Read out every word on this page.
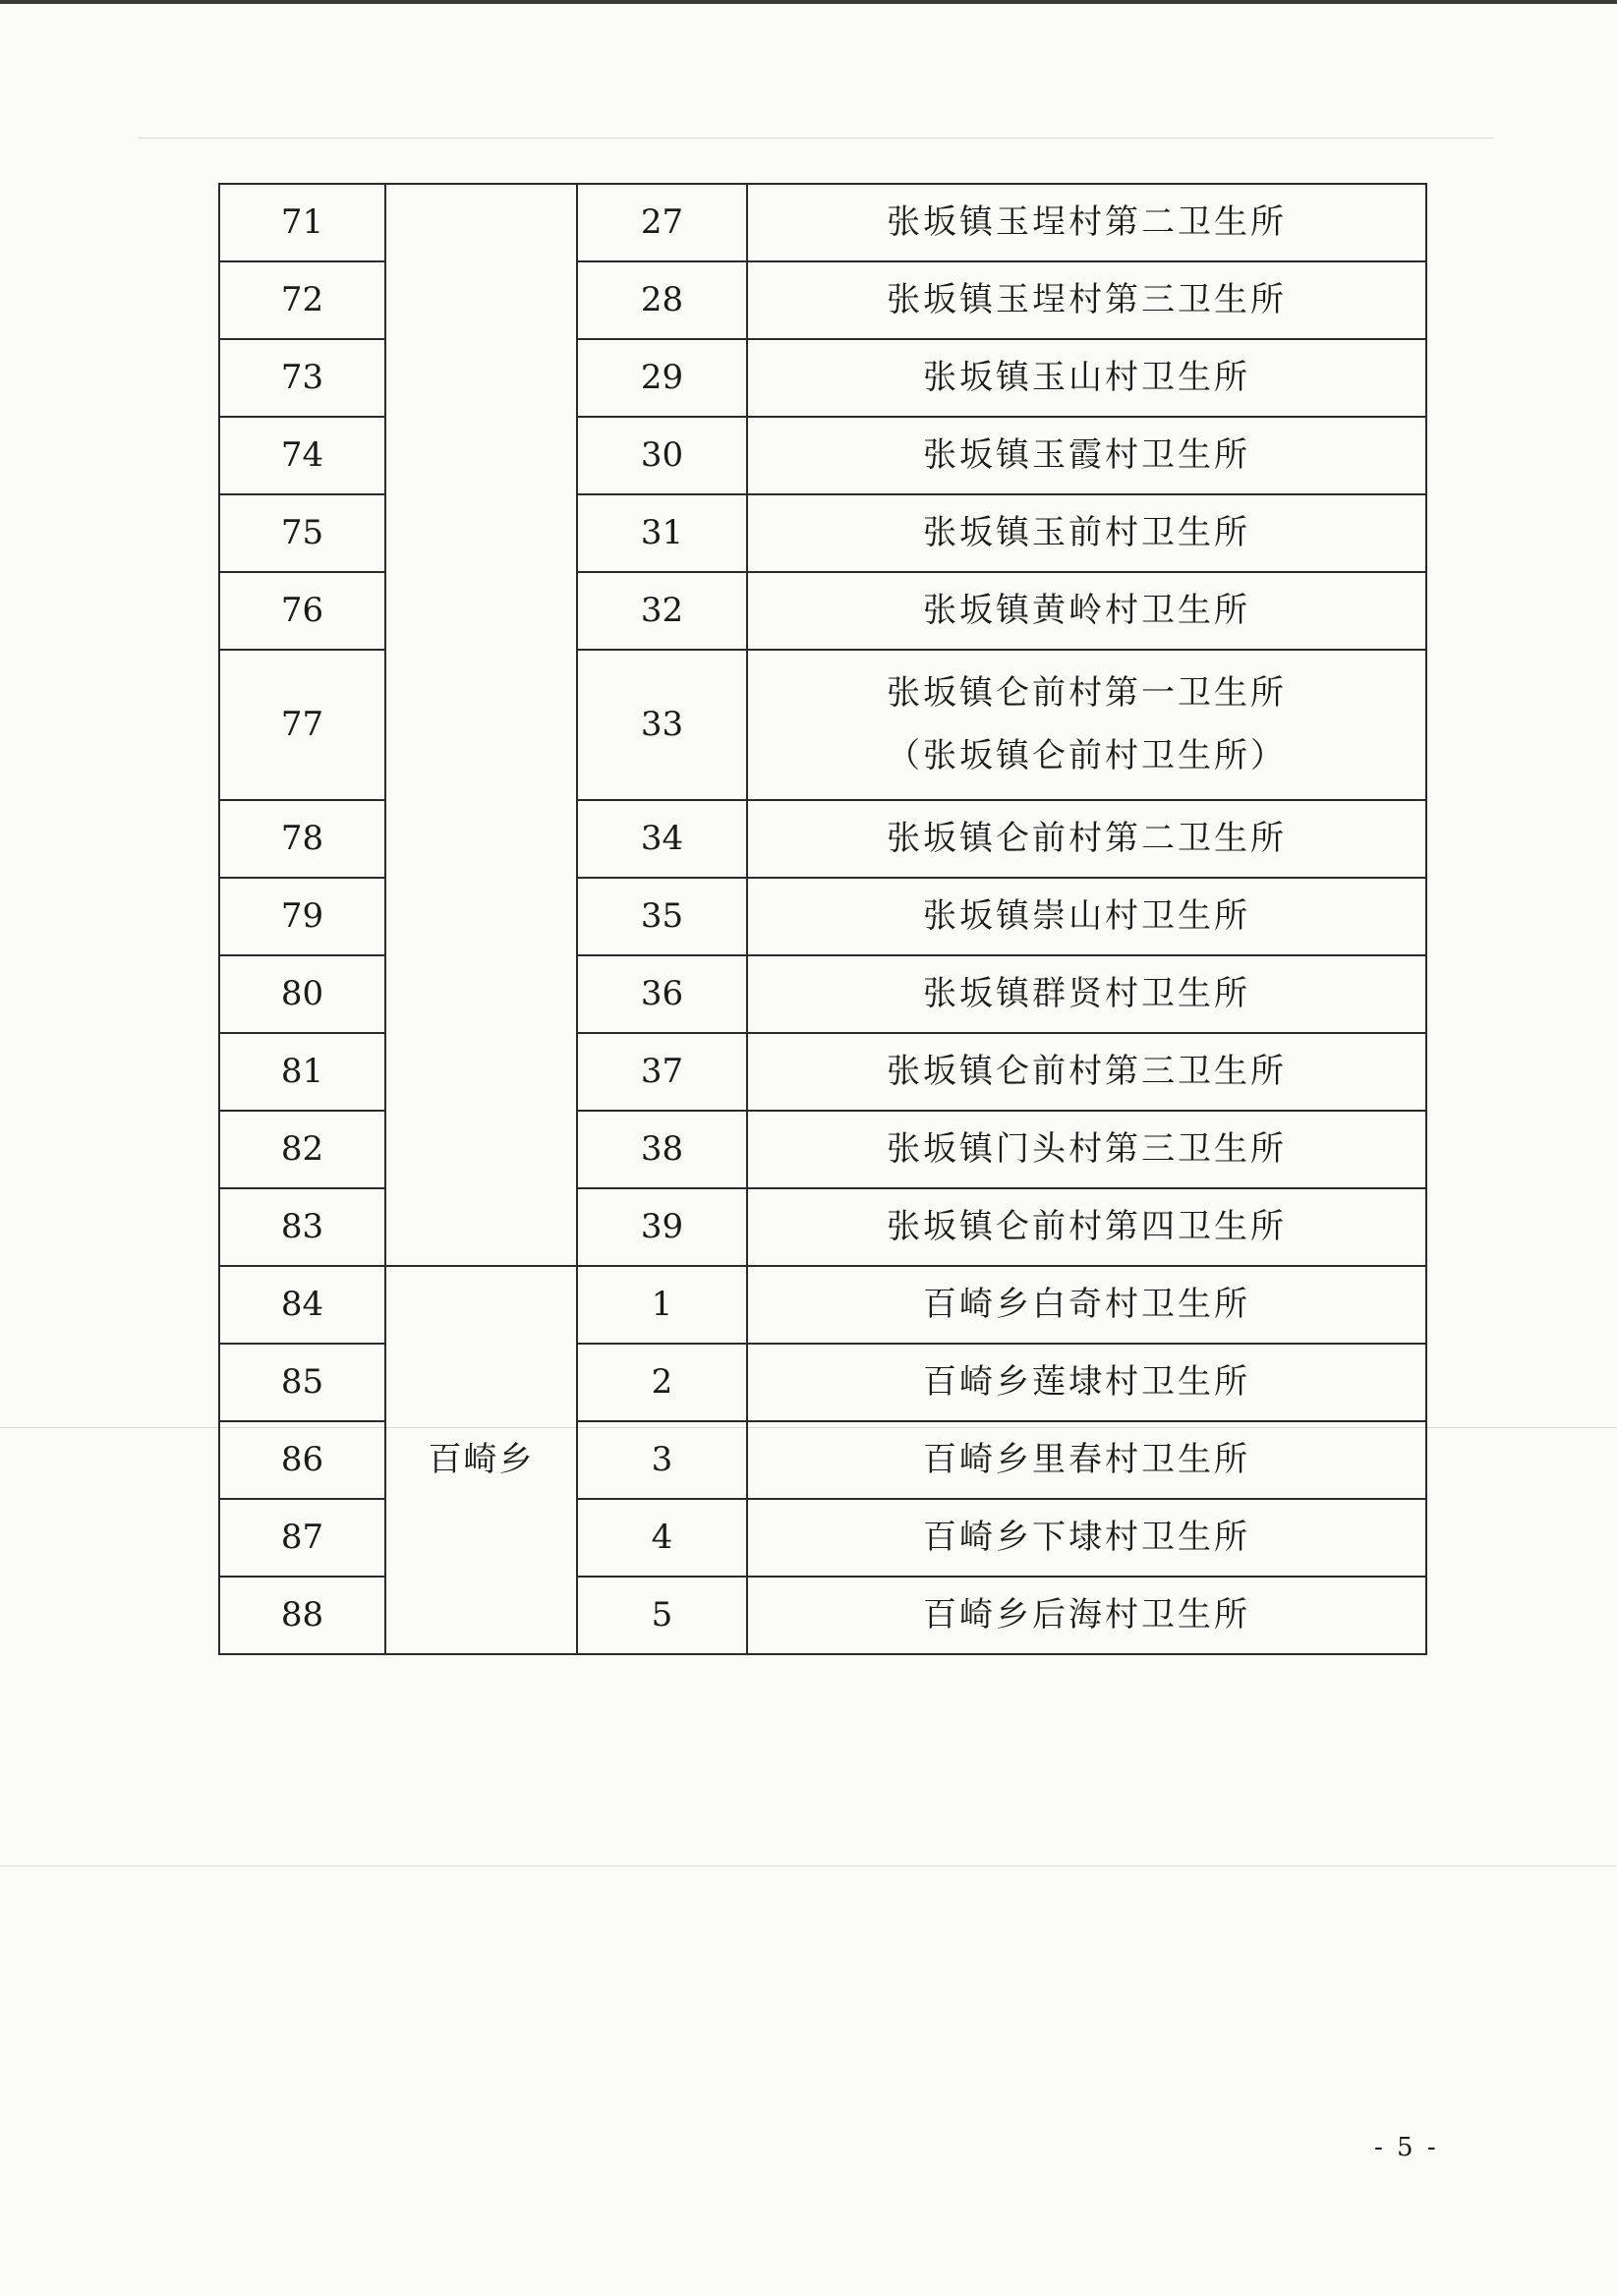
71		27	张坂镇玉埕村第二卫生所
72		28	张坂镇玉埕村第三卫生所
73		29	张坂镇玉山村卫生所
74		30	张坂镇玉霞村卫生所
75		31	张坂镇玉前村卫生所
76		32	张坂镇黄岭村卫生所
77		33	张坂镇仑前村第一卫生所
（张坂镇仑前村卫生所）

78		34	张坂镇仑前村第二卫生所
79		35	张坂镇崇山村卫生所
80		36	张坂镇群贤村卫生所
81		37	张坂镇仑前村第三卫生所
82		38	张坂镇门头村第三卫生所
83		39	张坂镇仑前村第四卫生所
84	百崎乡	1	百崎乡白奇村卫生所
85		2	百崎乡莲埭村卫生所
86		3	百崎乡里春村卫生所
87		4	百崎乡下埭村卫生所
88		5	百崎乡后海村卫生所
- 5 -
